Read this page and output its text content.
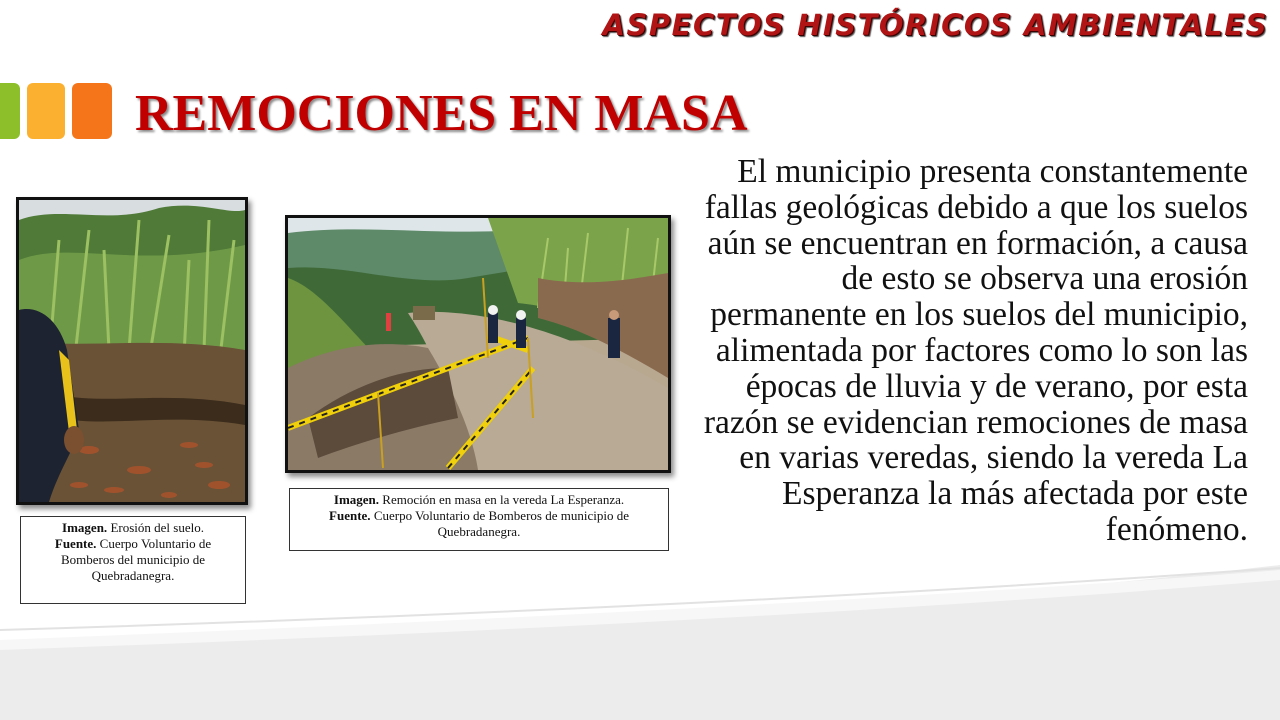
ASPECTOS HISTÓRICOS AMBIENTALES
REMOCIONES EN MASA
Imagen. Erosión del suelo.
Fuente. Cuerpo Voluntario de Bomberos del municipio de Quebradanegra.
Imagen. Remoción en masa en la vereda La Esperanza.
Fuente. Cuerpo Voluntario de Bomberos de municipio de Quebradanegra.
El municipio presenta constantemente fallas geológicas debido a que los suelos aún se encuentran en formación, a causa de esto se observa una erosión permanente en los suelos del municipio, alimentada por factores como lo son las épocas de lluvia y de verano, por esta razón se evidencian remociones de masa en varias veredas, siendo la vereda La Esperanza la más afectada por este fenómeno.
